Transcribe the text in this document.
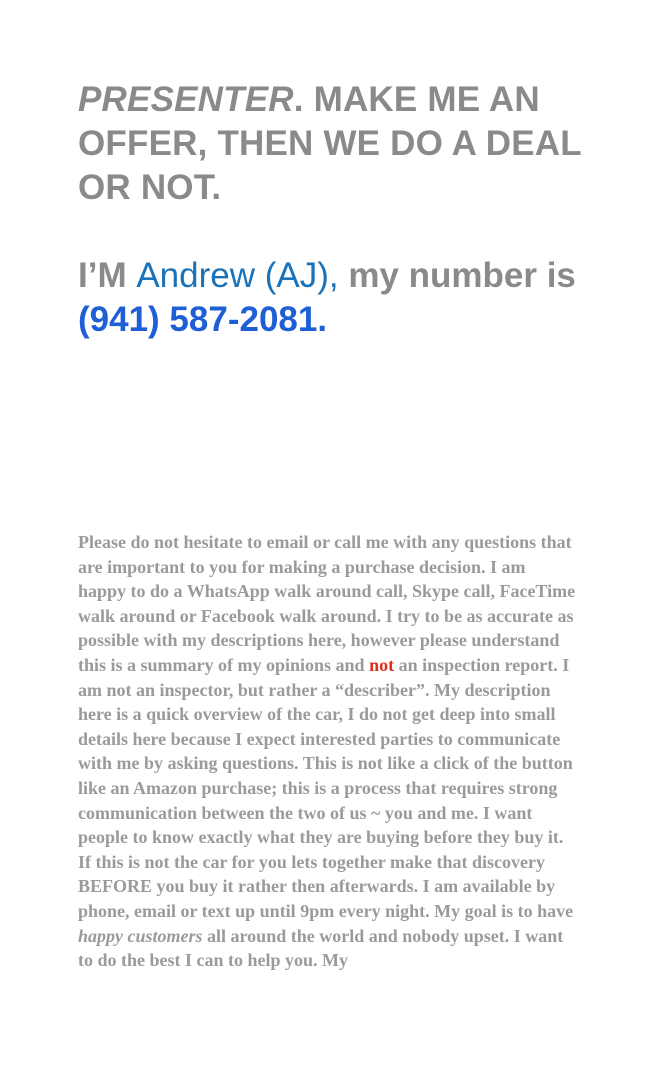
PRESENTER. MAKE ME AN OFFER, THEN WE DO A DEAL OR NOT.
I’M Andrew (AJ), my number is (941) 587-2081.

Please do not hesitate to email or call me with any questions that are important to you for making a purchase decision. I am happy to do a WhatsApp walk around call, Skype call, FaceTime walk around or Facebook walk around. I try to be as accurate as possible with my descriptions here, however please understand this is a summary of my opinions and not an inspection report. I am not an inspector, but rather a “describer”. My description here is a quick overview of the car, I do not get deep into small details here because I expect interested parties to communicate with me by asking questions. This is not like a click of the button like an Amazon purchase; this is a process that requires strong communication between the two of us ~ you and me. I want people to know exactly what they are buying before they buy it. If this is not the car for you lets together make that discovery BEFORE you buy it rather then afterwards. I am available by phone, email or text up until 9pm every night. My goal is to have happy customers all around the world and nobody upset. I want to do the best I can to help you. My
